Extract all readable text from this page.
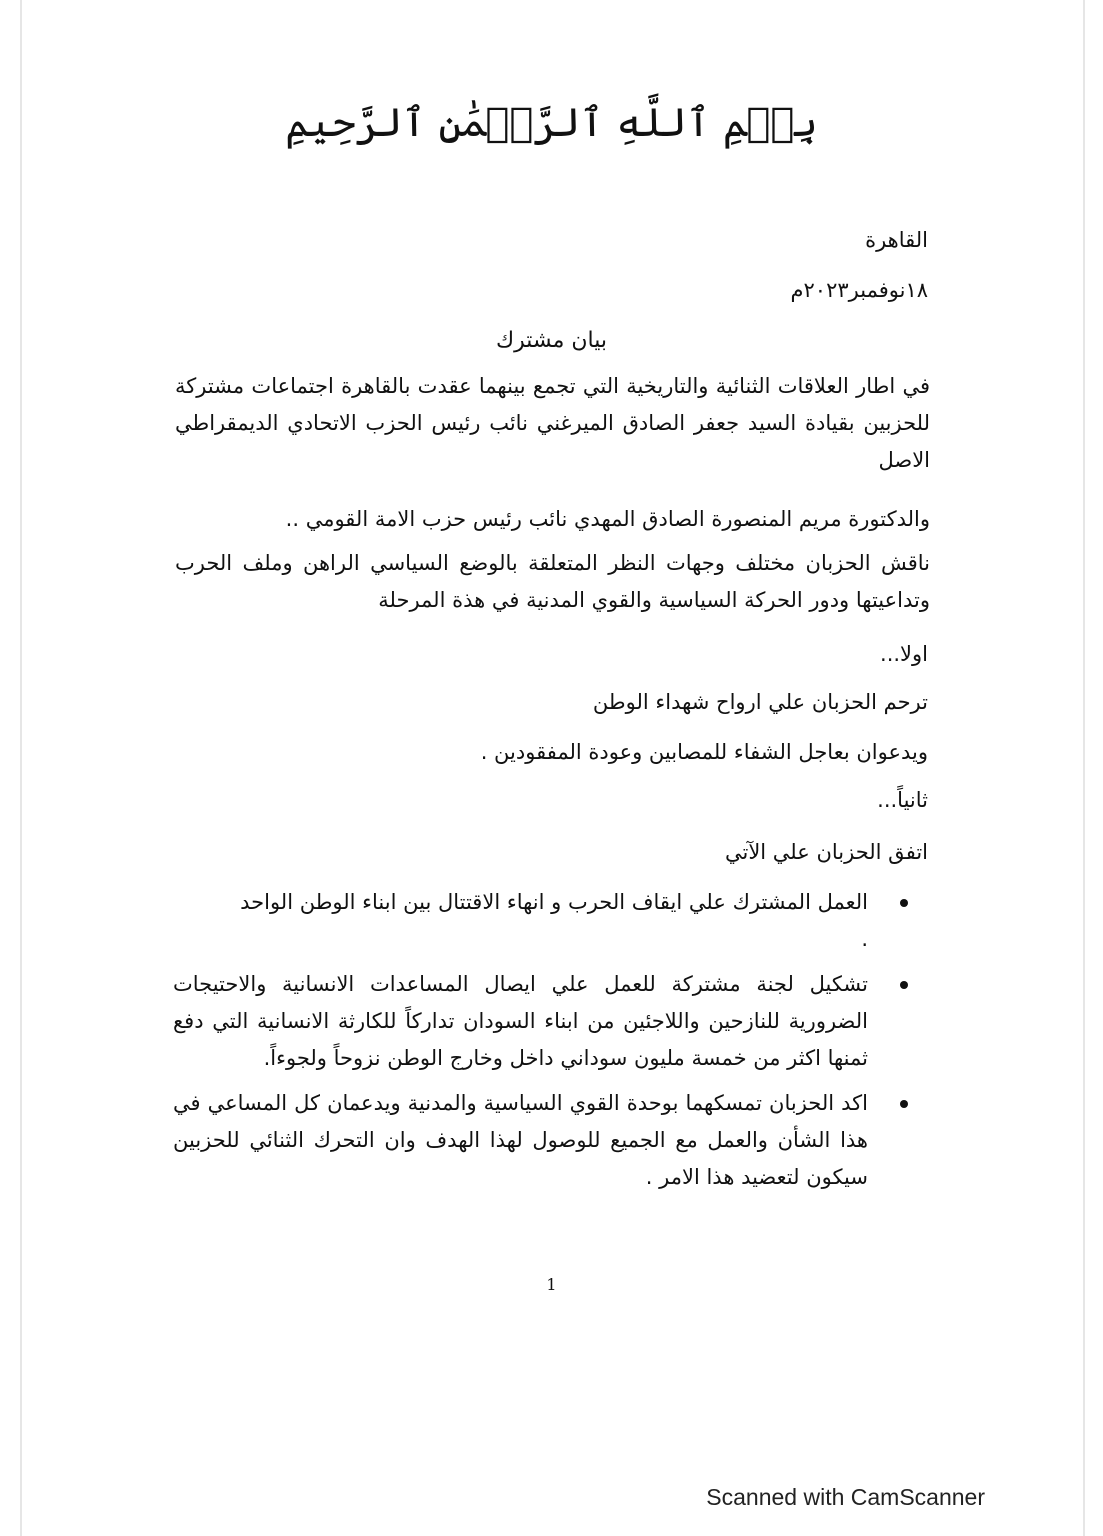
بِسۡمِ ٱللَّهِ ٱلرَّحۡمَٰنِ ٱلرَّحِيمِ
القاهرة
١٨نوفمبر٢٠٢٣م
بيان مشترك
في اطار العلاقات الثنائية والتاريخية التي تجمع بينهما عقدت بالقاهرة اجتماعات مشتركة للحزبين بقيادة السيد جعفر الصادق الميرغني نائب رئيس الحزب الاتحادي الديمقراطي الاصل
والدكتورة مريم المنصورة الصادق المهدي نائب رئيس حزب الامة القومي ..
ناقش الحزبان مختلف وجهات النظر المتعلقة بالوضع السياسي الراهن وملف الحرب وتداعيتها ودور الحركة السياسية والقوي المدنية في هذة المرحلة
اولا...
ترحم الحزبان علي ارواح شهداء الوطن
ويدعوان بعاجل الشفاء للمصابين وعودة المفقودين .
ثانياً...
اتفق الحزبان علي الآتي
العمل المشترك علي ايقاف الحرب و انهاء الاقتتال بين ابناء الوطن الواحد
.
تشكيل لجنة مشتركة للعمل علي ايصال المساعدات الانسانية والاحتيجات الضرورية للنازحين واللاجئين من ابناء السودان تداركاً للكارثة الانسانية التي دفع ثمنها اكثر من خمسة مليون سوداني داخل وخارج الوطن نزوحاً ولجوءاً.
اكد الحزبان تمسكهما بوحدة القوي السياسية والمدنية ويدعمان كل المساعي في هذا الشأن والعمل مع الجميع للوصول لهذا الهدف وان التحرك الثنائي للحزبين سيكون لتعضيد هذا الامر .
1
Scanned with CamScanner
